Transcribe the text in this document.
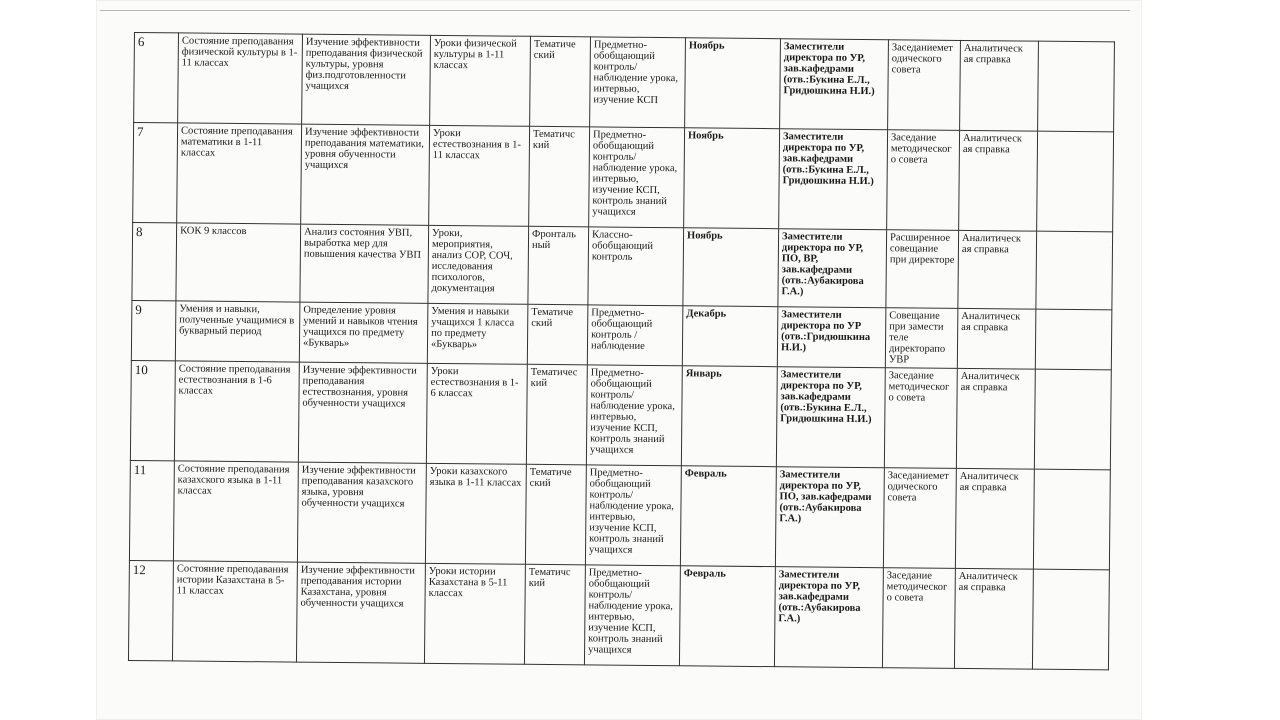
6	Состояние преподавания физической культуры в 1-11 классах	Изучение эффективности преподавания физической культуры, уровня физ.подготовленности учащихся	Уроки физической культуры в 1-11 классах	Тематиче ский	Предметно-обобщающий контроль/ наблюдение урока, интервью, изучение КСП	Ноябрь	Заместители директора по УР, зав.кафедрами (отв.:Букина Е.Л., Гридюшкина Н.И.)	Заседаниемет одического совета	Аналитическ ая справка	
7	Состояние преподавания математики в 1-11 классах	Изучение эффективности преподавания математики, уровня обученности учащихся	Уроки естествознания в 1-11 классах	Тематичс кий	Предметно-обобщающий контроль/ наблюдение урока, интервью, изучение КСП, контроль знаний учащихся	Ноябрь	Заместители директора по УР, зав.кафедрами (отв.:Букина Е.Л., Гридюшкина Н.И.)	Заседание методическог о совета	Аналитическ ая справка	
8	КОК 9 классов	Анализ состояния УВП, выработка мер для повышения качества УВП	Уроки, мероприятия, анализ СОР, СОЧ, исследования психологов, документация	Фронталь ный	Классно-обобщающий контроль	Ноябрь	Заместители директора по УР, ПО, ВР, зав.кафедрами (отв.:Аубакирова Г.А.)	Расширенное совещание при директоре	Аналитическ ая справка	
9	Умения и навыки, полученные учащимися в букварный период	Определение уровня умений и навыков чтения учащихся по предмету «Букварь»	Умения и навыки учащихся 1 класса по предмету «Букварь»	Тематиче ский	Предметно-обобщающий контроль / наблюдение	Декабрь	Заместители директора по УР (отв.:Гридюшкина Н.И.)	Совещание при замести теле директорапо УВР	Аналитическ ая справка	
10	Состояние преподавания естествознания в 1-6 классах	Изучение эффективности преподавания естествознания, уровня обученности учащихся	Уроки естествознания в 1-6 классах	Тематичес кий	Предметно-обобщающий контроль/ наблюдение урока, интервью, изучение КСП, контроль знаний учащихся	Январь	Заместители директора по УР, зав.кафедрами (отв.:Букина Е.Л., Гридюшкина Н.И.)	Заседание методическог о совета	Аналитическ ая справка	
11	Состояние преподавания казахского языка в 1-11 классах	Изучение эффективности преподавания казахского языка, уровня обученности учащихся	Уроки казахского языка в 1-11 классах	Тематиче ский	Предметно-обобщающий контроль/ наблюдение урока, интервью, изучение КСП, контроль знаний учащихся	Февраль	Заместители директора по УР, ПО, зав.кафедрами (отв.:Аубакирова Г.А.)	Заседаниемет одического совета	Аналитическ ая справка	
12	Состояние преподавания истории Казахстана в 5-11 классах	Изучение эффективности преподавания истории Казахстана, уровня обученности учащихся	Уроки истории Казахстана в 5-11 классах	Тематичс кий	Предметно-обобщающий контроль/ наблюдение урока, интервью, изучение КСП, контроль знаний учащихся	Февраль	Заместители директора по УР, зав.кафедрами (отв.:Аубакирова Г.А.)	Заседание методическог о совета	Аналитическ ая справка	
